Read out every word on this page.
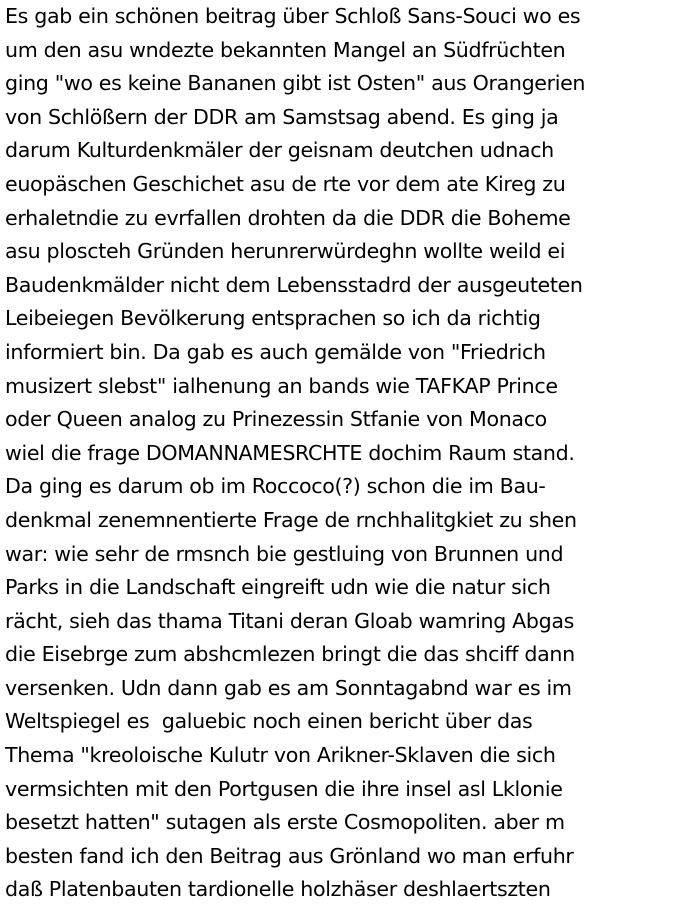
Es gab ein schönen beitrag über Schloß Sans-Souci wo es
um den asu wndezte bekannten Mangel an Südfrüchten
ging "wo es keine Bananen gibt ist Osten" aus Orangerien
von Schlößern der DDR am Samstsag abend. Es ging ja
darum Kulturdenkmäler der geisnam deutchen udnach
euopäschen Geschichet asu de rte vor dem ate Kireg zu
erhaletndie zu evrfallen drohten da die DDR die Boheme
asu ploscteh Gründen herunrerwürdeghn wollte weild ei
Baudenkmälder nicht dem Lebensstadrd der ausgeuteten
Leibeiegen Bevölkerung entsprachen so ich da richtig
informiert bin. Da gab es auch gemälde von "Friedrich
musizert slebst" ialhenung an bands wie TAFKAP Prince
oder Queen analog zu Prinezessin Stfanie von Monaco
wiel die frage DOMANNAMESRCHTE dochim Raum stand.
Da ging es darum ob im Roccoco(?) schon die im Bau-
denkmal zenemnentierte Frage de rnchhalitgkiet zu shen
war: wie sehr de rmsnch bie gestluing von Brunnen und
Parks in die Landschaft eingreift udn wie die natur sich
rächt, sieh das thama Titani deran Gloab wamring Abgas
die Eisebrge zum abshcmlezen bringt die das shciff dann
versenken. Udn dann gab es am Sonntagabnd war es im
Weltspiegel es  galuebic noch einen bericht über das
Thema "kreoloische Kulutr von Arikner-Sklaven die sich
vermsichten mit den Portgusen die ihre insel asl Lklonie
besetzt hatten" sutagen als erste Cosmopoliten. aber m
besten fand ich den Beitrag aus Grönland wo man erfuhr
daß Platenbauten tardionelle holzhäser deshlaertszten
